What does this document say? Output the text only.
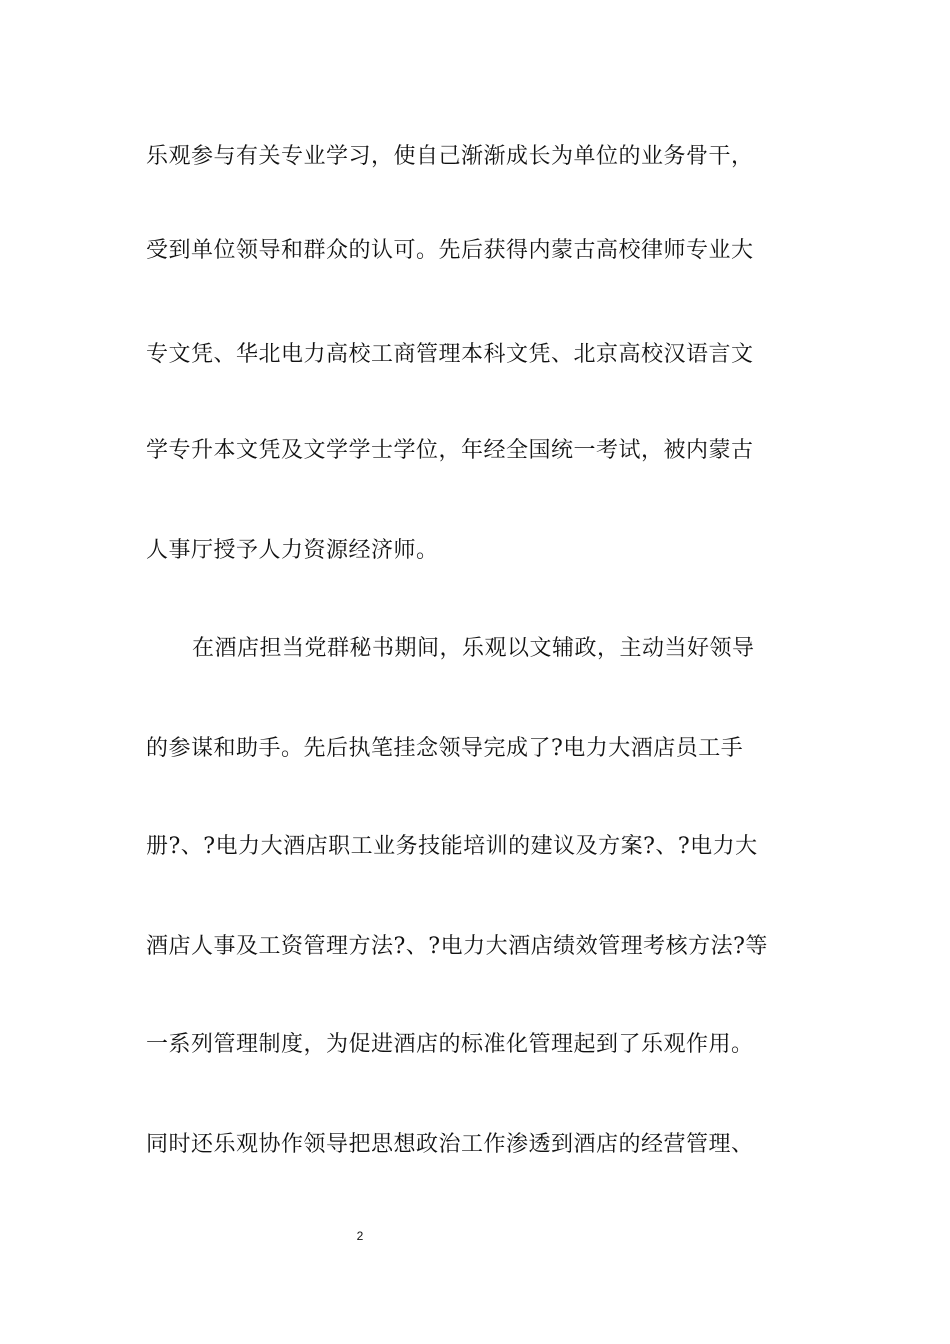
乐观参与有关专业学习，使自己渐渐成长为单位的业务骨干，
受到单位领导和群众的认可。先后获得内蒙古高校律师专业大
专文凭、华北电力高校工商管理本科文凭、北京高校汉语言文
学专升本文凭及文学学士学位，年经全国统一考试，被内蒙古
人事厅授予人力资源经济师。
在酒店担当党群秘书期间，乐观以文辅政，主动当好领导
的参谋和助手。先后执笔挂念领导完成了?电力大酒店员工手
册?、?电力大酒店职工业务技能培训的建议及方案?、?电力大
酒店人事及工资管理方法?、?电力大酒店绩效管理考核方法?等
一系列管理制度，为促进酒店的标准化管理起到了乐观作用。
同时还乐观协作领导把思想政治工作渗透到酒店的经营管理、
2
